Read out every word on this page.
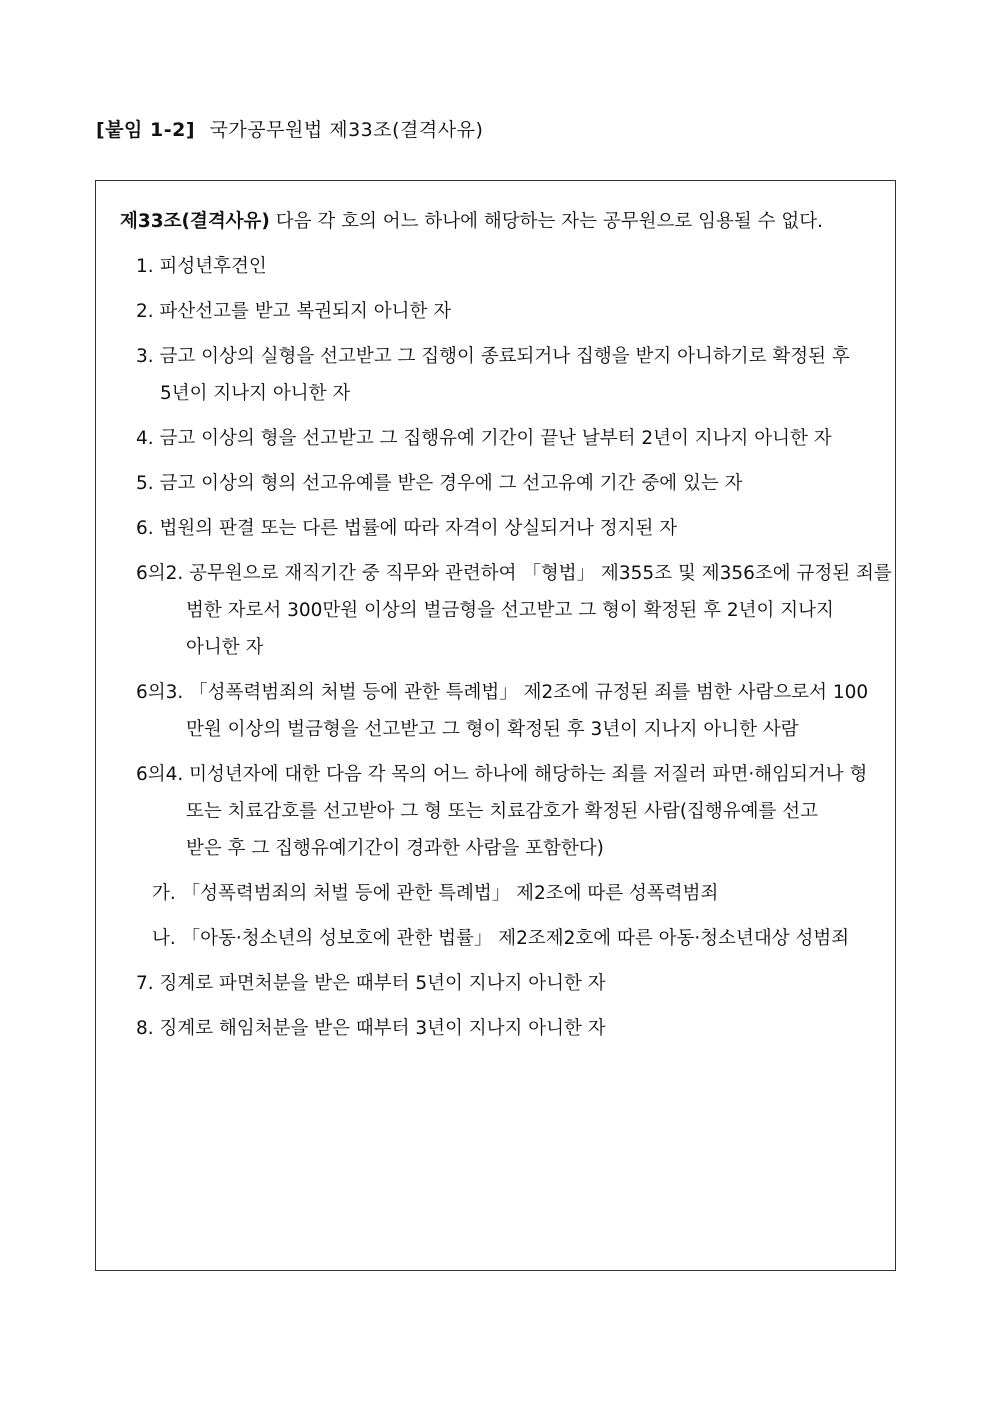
[붙임 1-2] 국가공무원법 제33조(결격사유)
제33조(결격사유) 다음 각 호의 어느 하나에 해당하는 자는 공무원으로 임용될 수 없다.
1. 피성년후견인
2. 파산선고를 받고 복권되지 아니한 자
3. 금고 이상의 실형을 선고받고 그 집행이 종료되거나 집행을 받지 아니하기로 확정된 후
5년이 지나지 아니한 자
4. 금고 이상의 형을 선고받고 그 집행유예 기간이 끝난 날부터 2년이 지나지 아니한 자
5. 금고 이상의 형의 선고유예를 받은 경우에 그 선고유예 기간 중에 있는 자
6. 법원의 판결 또는 다른 법률에 따라 자격이 상실되거나 정지된 자
6의2. 공무원으로 재직기간 중 직무와 관련하여 「형법」 제355조 및 제356조에 규정된 죄를
범한 자로서 300만원 이상의 벌금형을 선고받고 그 형이 확정된 후 2년이 지나지
아니한 자
6의3. 「성폭력범죄의 처벌 등에 관한 특례법」 제2조에 규정된 죄를 범한 사람으로서 100
만원 이상의 벌금형을 선고받고 그 형이 확정된 후 3년이 지나지 아니한 사람
6의4. 미성년자에 대한 다음 각 목의 어느 하나에 해당하는 죄를 저질러 파면·해임되거나 형
또는 치료감호를 선고받아 그 형 또는 치료감호가 확정된 사람(집행유예를 선고
받은 후 그 집행유예기간이 경과한 사람을 포함한다)
가. 「성폭력범죄의 처벌 등에 관한 특례법」 제2조에 따른 성폭력범죄
나. 「아동·청소년의 성보호에 관한 법률」 제2조제2호에 따른 아동·청소년대상 성범죄
7. 징계로 파면처분을 받은 때부터 5년이 지나지 아니한 자
8. 징계로 해임처분을 받은 때부터 3년이 지나지 아니한 자
